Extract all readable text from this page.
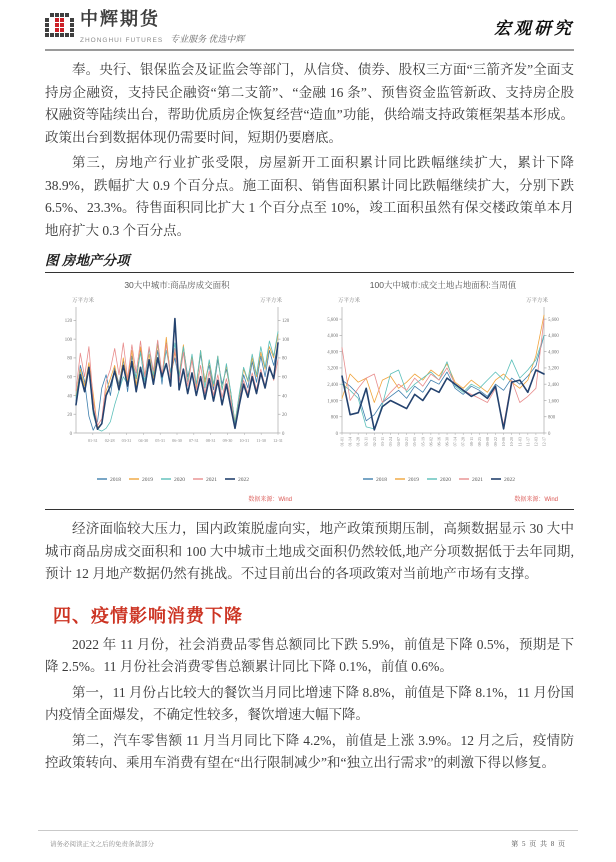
中辉期货
ZHONGHUI FUTURES 专业服务 优选中辉
宏观研究

奉。央行、银保监会及证监会等部门，从信贷、债券、股权三方面“三箭齐发”全面支持房企融资，支持民企融资“第二支箭”、“金融 16 条”、预售资金监管新政、支持房企股权融资等陆续出台，帮助优质房企恢复经营“造血”功能，供给端支持政策框架基本形成。政策出台到数据体现仍需要时间，短期仍要磨底。

第三，房地产行业扩张受限，房屋新开工面积累计同比跌幅继续扩大，累计下降 38.9%，跌幅扩大 0.9 个百分点。施工面积、销售面积累计同比跌幅继续扩大，分别下跌 6.5%、23.3%。待售面积同比扩大 1 个百分点至 10%，竣工面积虽然有保交楼政策单本月地府扩大 0.3 个百分点。

图 房地产分项
30大中城市:商品房成交面积
万平方米	万平方米
0	0
20	20
40	40
60	60
80	80
100	100
120	120
01-31 02-28 03-31 04-30 05-31 06-30 07-31 08-31 09-30 10-31 11-30 12-31
2018	2019	2020	2021	2022
数据来源：Wind
100大中城市:成交土地占地面积:当周值
万平方米	万平方米
0	0
800	800
1,600	1,600
2,400	2,400
3,200	3,200
4,000	4,000
4,800	4,800
5,600	5,600
01-01 01-14 01-28 02-11 02-25 03-11 03-24 04-07 04-21 05-05 05-19 06-02 06-16 06-30 07-14 07-28 08-11 08-25 09-08 09-22 10-06 10-20 11-03 11-17 12-03 12-17
2018	2019	2020	2021	2022
数据来源：Wind

经济面临较大压力，国内政策脱虚向实，地产政策预期压制，高频数据显示 30 大中城市商品房成交面积和 100 大中城市土地成交面积仍然较低,地产分项数据低于去年同期,预计 12 月地产数据仍然有挑战。不过目前出台的各项政策对当前地产市场有支撑。

四、疫情影响消费下降

2022 年 11 月份，社会消费品零售总额同比下跌 5.9%，前值是下降 0.5%，预期是下降 2.5%。11 月份社会消费零售总额累计同比下降 0.1%，前值 0.6%。

第一，11 月份占比较大的餐饮当月同比增速下降 8.8%，前值是下降 8.1%，11 月份国内疫情全面爆发，不确定性较多，餐饮增速大幅下降。

第二，汽车零售额 11 月当月同比下降 4.2%，前值是上涨 3.9%。12 月之后，疫情防控政策转向、乘用车消费有望在“出行限制减少”和“独立出行需求”的刺激下得以修复。

请务必阅读正文之后的免责条款部分	第 5 页 共 8 页
